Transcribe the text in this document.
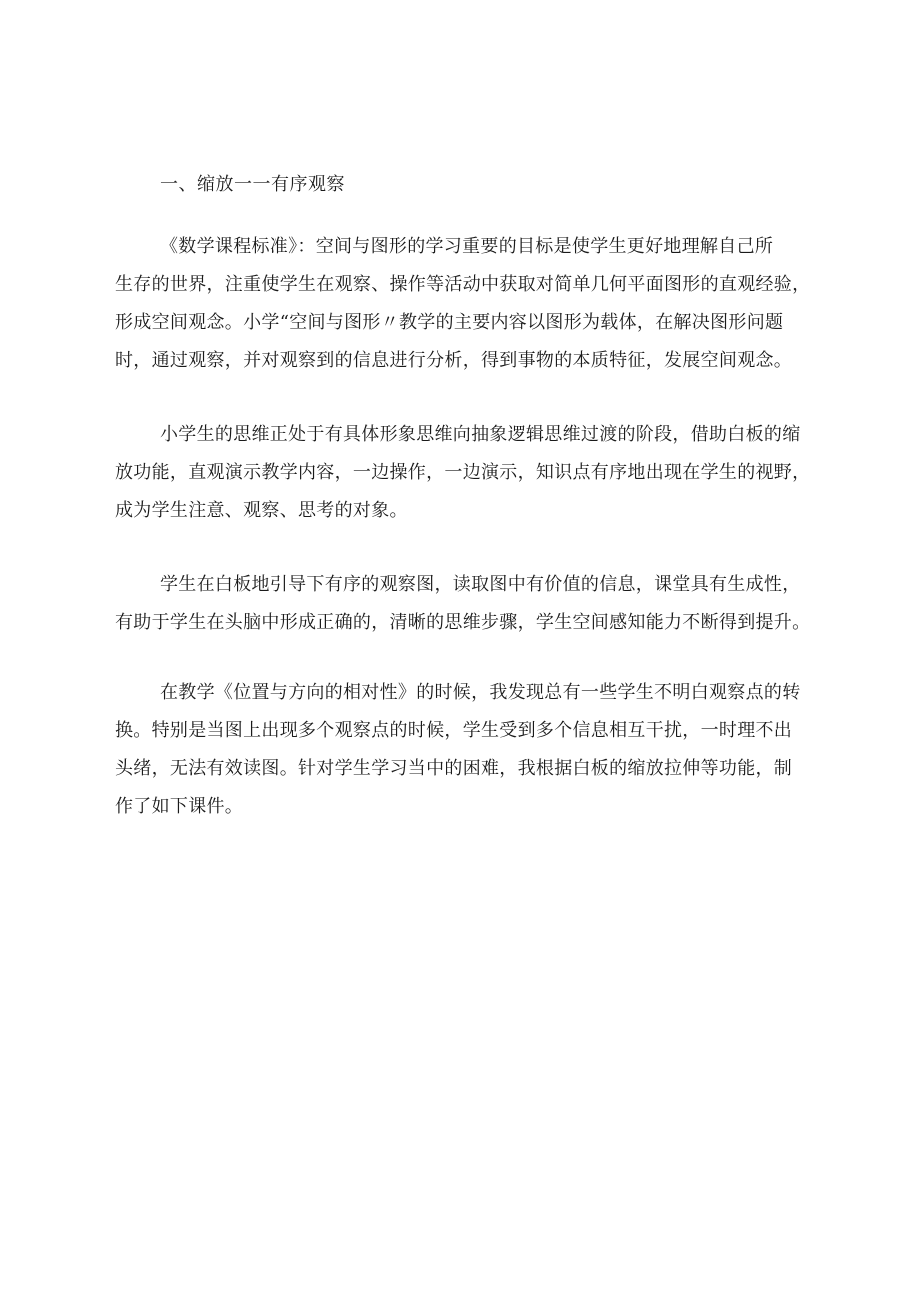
一、缩放一一有序观察

《数学课程标准》：空间与图形的学习重要的目标是使学生更好地理解自己所
生存的世界，注重使学生在观察、操作等活动中获取对简单几何平面图形的直观经验，
形成空间观念。小学“空间与图形〃教学的主要内容以图形为载体，在解决图形问题
时，通过观察，并对观察到的信息进行分析，得到事物的本质特征，发展空间观念。

小学生的思维正处于有具体形象思维向抽象逻辑思维过渡的阶段，借助白板的缩
放功能，直观演示教学内容，一边操作，一边演示，知识点有序地出现在学生的视野，
成为学生注意、观察、思考的对象。

学生在白板地引导下有序的观察图，读取图中有价值的信息，课堂具有生成性，
有助于学生在头脑中形成正确的，清晰的思维步骤，学生空间感知能力不断得到提升。

在教学《位置与方向的相对性》的时候，我发现总有一些学生不明白观察点的转
换。特别是当图上出现多个观察点的时候，学生受到多个信息相互干扰，一时理不出
头绪，无法有效读图。针对学生学习当中的困难，我根据白板的缩放拉伸等功能，制
作了如下课件。
